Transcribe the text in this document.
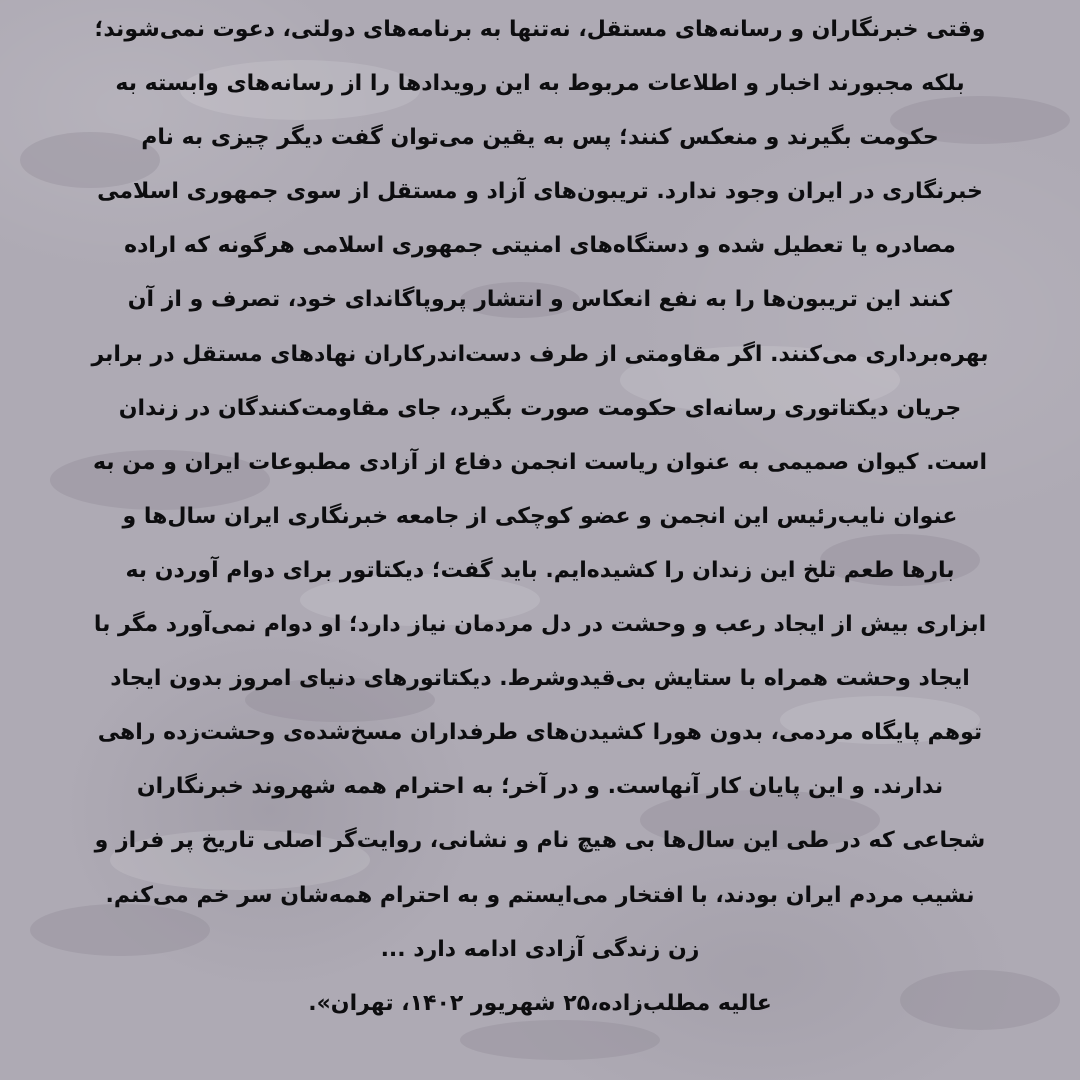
وقتی خبرنگاران و رسانه‌های مستقل، نه‌تنها به برنامه‌های دولتی، دعوت نمی‌شوند؛
بلکه مجبورند اخبار و اطلاعات مربوط به این رویدادها را از رسانه‌های وابسته به
حکومت بگیرند و منعکس کنند؛ پس به یقین می‌توان گفت دیگر چیزی به نام
خبرنگاری در ایران وجود ندارد. تریبون‌های آزاد و مستقل از سوی جمهوری اسلامی
مصادره یا تعطیل شده و دستگاه‌های امنیتی جمهوری اسلامی هرگونه که اراده
کنند این تریبون‌ها را به نفع انعکاس و انتشار پروپاگاندای خود، تصرف و از آن
بهره‌برداری می‌کنند. اگر مقاومتی از طرف دست‌اندرکاران نهادهای مستقل در برابر
جریان دیکتاتوری رسانه‌ای حکومت صورت بگیرد، جای مقاومت‌کنندگان در زندان
است. کیوان صمیمی به عنوان ریاست انجمن دفاع از آزادی مطبوعات ایران و من به
عنوان نایب‌رئیس این انجمن و عضو کوچکی از جامعه خبرنگاری ایران سال‌ها و
بارها طعم تلخ این زندان را کشیده‌ایم. باید گفت؛ دیکتاتور برای دوام آوردن به
ابزاری بیش از ایجاد رعب و وحشت در دل مردمان نیاز دارد؛ او دوام نمی‌آورد مگر با
ایجاد وحشت همراه با ستایش بی‌قیدوشرط. دیکتاتورهای دنیای امروز بدون ایجاد
توهم پایگاه مردمی، بدون هورا کشیدن‌های طرفداران مسخ‌شده‌ی وحشت‌زده راهی
ندارند. و این پایان کار آنهاست. و در آخر؛ به احترام همه شهروند خبرنگاران
شجاعی که در طی این سال‌ها بی هیچ نام و نشانی، روایت‌گر اصلی تاریخ پر فراز و
نشیب مردم ایران بودند، با افتخار می‌ایستم و به احترام همه‌شان سر خم می‌کنم.
زن زندگی آزادی ادامه دارد ...
عالیه مطلب‌زاده،۲۵ شهریور ۱۴۰۲، تهران».
